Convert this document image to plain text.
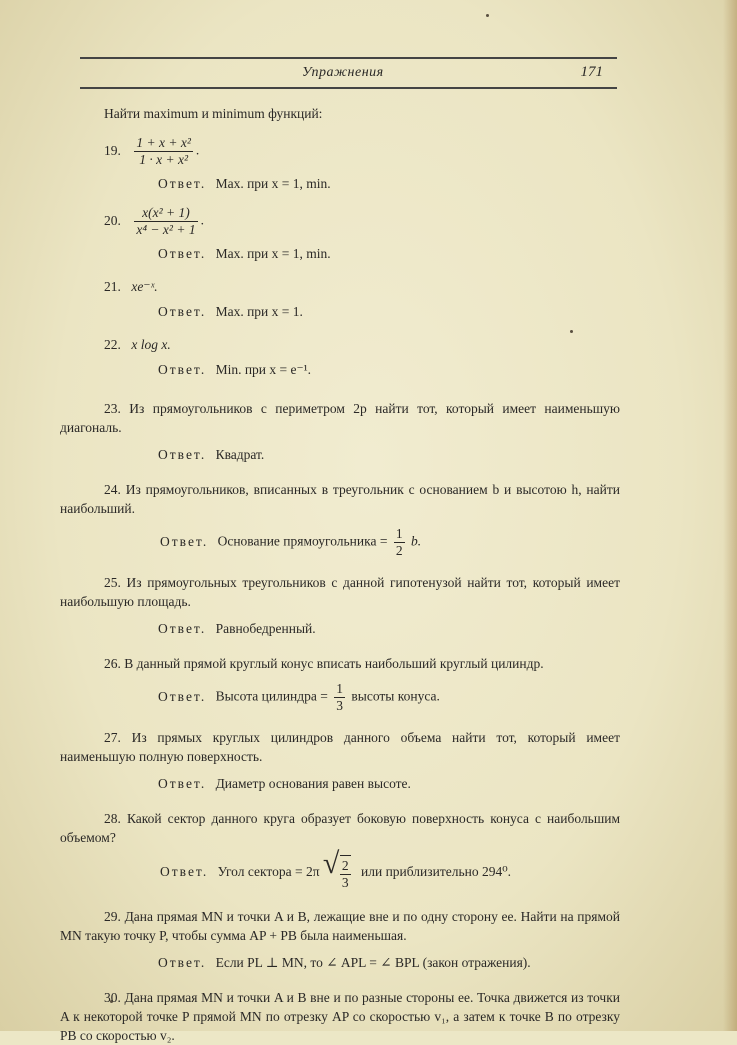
Упражнения	171
Найти maximum и minimum функций:
19. $\frac{\text{1 + x + x²}}{\text{1 · x + x²}}$ .
Ответ. Max. при x = 1, min.
20. $\frac{\text{x(x² + 1)}}{\text{x⁴ − x² + 1}}$ .
Ответ. Max. при x = 1, min.
21. xe⁻ˣ.
Ответ. Max. при x = 1.
22. x log x.
Ответ. Min. при x = e⁻¹.
23. Из прямоугольников с периметром 2p найти тот, который имеет наименьшую диагональ.
Ответ. Квадрат.
24. Из прямоугольников, вписанных в треугольник с основанием b и высотою h, найти наибольший.
Ответ. Основание прямоугольника = $\frac{1}{2} b$.
25. Из прямоугольных треугольников с данной гипотенузой найти тот, который имеет наибольшую площадь.
Ответ. Равнобедренный.
26. В данный прямой круглый конус вписать наибольший круглый цилиндр.
Ответ. Высота цилиндра = $\frac{1}{3}$ высоты конуса.
27. Из прямых круглых цилиндров данного объема найти тот, который имеет наименьшую полную поверхность.
Ответ. Диаметр основания равен высоте.
28. Какой сектор данного круга образует боковую поверхность конуса с наибольшим объемом?
Ответ. Угол сектора = 2π √ $\frac{2}{3}$ или приблизительно 294⁰.
29. Дана прямая MN и точки A и B, лежащие вне и по одну сторону ее. Найти на прямой MN такую точку P, чтобы сумма AP + PB была наименьшая.
Ответ. Если PL ⊥ MN, то ∠ APL = ∠ BPL (закон отражения).
30. Дана прямая MN и точки A и B вне и по разные стороны ее. Точка движется из точки A к некоторой точке P прямой MN по отрезку AP со скоростью v₁, а затем к точке B по отрезку PB со скоростью v₂.
